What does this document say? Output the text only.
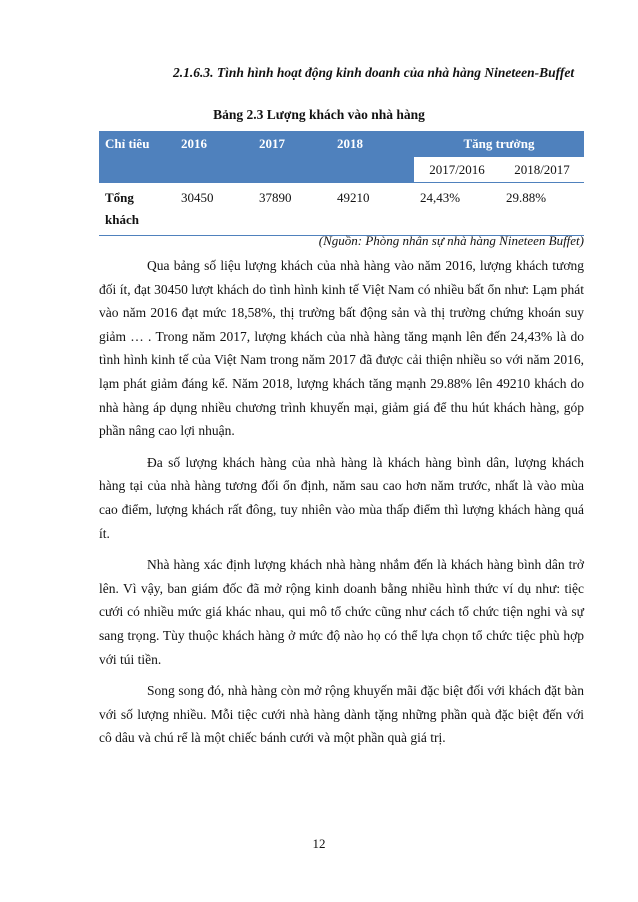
2.1.6.3. Tình hình hoạt động kinh doanh của nhà hàng Nineteen-Buffet
Bảng 2.3 Lượng khách vào nhà hàng
Chỉ tiêu	2016	2017	2018	Tăng trưởng	
				2017/2016	2018/2017
Tổng khách	30450	37890	49210	24,43%	29.88%
(Nguồn: Phòng nhân sự nhà hàng Nineteen Buffet)

Qua bảng số liệu lượng khách của nhà hàng vào năm 2016, lượng khách tương đối ít, đạt 30450 lượt khách do tình hình kinh tế Việt Nam có nhiều bất ổn như: Lạm phát vào năm 2016 đạt mức 18,58%, thị trường bất động sản và thị trường chứng khoán suy giảm … . Trong năm 2017, lượng khách của nhà hàng tăng mạnh lên đến 24,43% là do tình hình kinh tế của Việt Nam trong năm 2017 đã được cải thiện nhiều so với năm 2016, lạm phát giảm đáng kể. Năm 2018, lượng khách tăng mạnh 29.88% lên 49210 khách do nhà hàng áp dụng nhiều chương trình khuyến mại, giảm giá để thu hút khách hàng, góp phần nâng cao lợi nhuận.

Đa số lượng khách hàng của nhà hàng là khách hàng bình dân, lượng khách hàng tại của nhà hàng tương đối ổn định, năm sau cao hơn năm trước, nhất là vào mùa cao điểm, lượng khách rất đông, tuy nhiên vào mùa thấp điểm thì lượng khách hàng quá ít.

Nhà hàng xác định lượng khách nhà hàng nhắm đến là khách hàng bình dân trở lên. Vì vậy, ban giám đốc đã mở rộng kinh doanh bằng nhiều hình thức ví dụ như: tiệc cưới có nhiều mức giá khác nhau, qui mô tổ chức cũng như cách tổ chức tiện nghi và sự sang trọng. Tùy thuộc khách hàng ở mức độ nào họ có thể lựa chọn tổ chức tiệc phù hợp với túi tiền.

Song song đó, nhà hàng còn mở rộng khuyến mãi đặc biệt đối với khách đặt bàn với số lượng nhiều. Mỗi tiệc cưới nhà hàng dành tặng những phần quà đặc biệt đến với cô dâu và chú rể là một chiếc bánh cưới và một phần quà giá trị.

12
